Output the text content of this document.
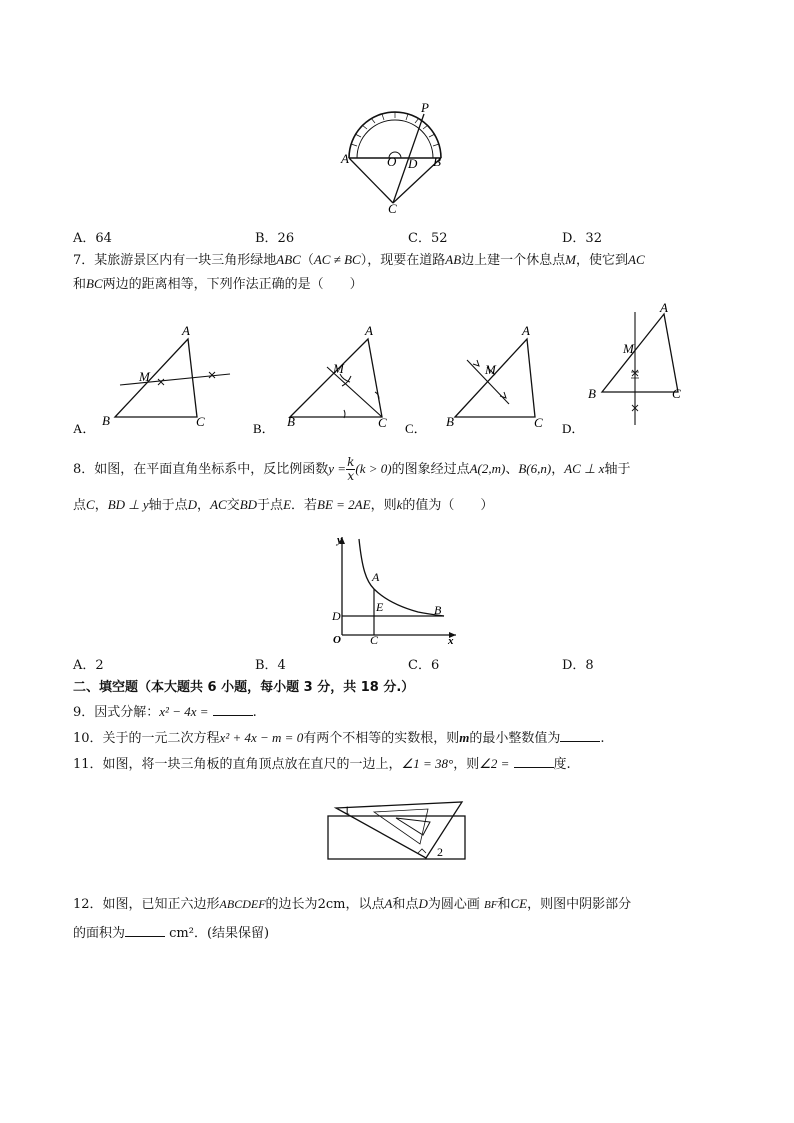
P
A	O D B
C
A．64	B．26	C．52	D．32
7．某旅游景区内有一块三角形绿地ABC（AC ≠ BC），现要在道路AB边上建一个休息点M，使它到AC
和BC两边的距离相等，下列作法正确的是（　　）
A
M
B	C
A．
A
M
B	C
B．
A
M
B	C
C．
A
M
B	C
D．
8．如图，在平面直角坐标系中，反比例函数$y = \frac{k}{x} (k > 0)$的图象经过点A(2,m)、B(6,n)，AC ⊥ x轴于
点C，BD ⊥ y轴于点D，AC交BD于点E．若BE = 2AE，则k的值为（　　）
y
x
A
E	B
D
O C
A．2	B．4	C．6	D．8
二、填空题（本大题共 6 小题，每小题 3 分，共 18 分.）
9．因式分解：x² − 4x =	.
10．关于的一元二次方程x² + 4x − m = 0有两个不相等的实数根，则m的最小整数值为	.
11．如图，将一块三角板的直角顶点放在直尺的一边上，∠1 = 38°，则∠2 =	度.
1
2
12．如图，已知正六边形ABCDEF的边长为2cm，以点A和点D为圆心画 BF和CE，则图中阴影部分
的面积为	cm²．(结果保留)
